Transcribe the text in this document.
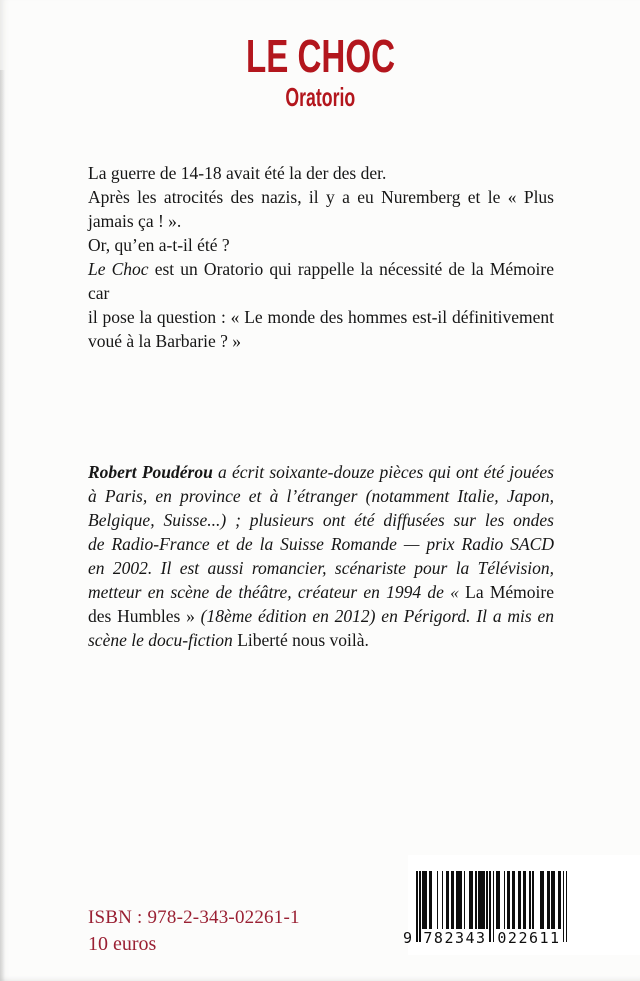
LE CHOC
Oratorio
La guerre de 14-18 avait été la der des der.
Après les atrocités des nazis, il y a eu Nuremberg et le « Plus
jamais ça ! ».
Or, qu’en a-t-il été ?
Le Choc est un Oratorio qui rappelle la nécessité de la Mémoire car
il pose la question : « Le monde des hommes est-il définitivement
voué à la Barbarie ? »
Robert Poudérou a écrit soixante-douze pièces qui ont été jouées
à Paris, en province et à l’étranger (notamment Italie, Japon,
Belgique, Suisse...) ; plusieurs ont été diffusées sur les ondes
de Radio-France et de la Suisse Romande — prix Radio SACD
en 2002. Il est aussi romancier, scénariste pour la Télévision,
metteur en scène de théâtre, créateur en 1994 de « La Mémoire
des Humbles » (18ème édition en 2012) en Périgord. Il a mis en
scène le docu-fiction Liberté nous voilà.
ISBN : 978-2-343-02261-1
10 euros	9 782343 022611
